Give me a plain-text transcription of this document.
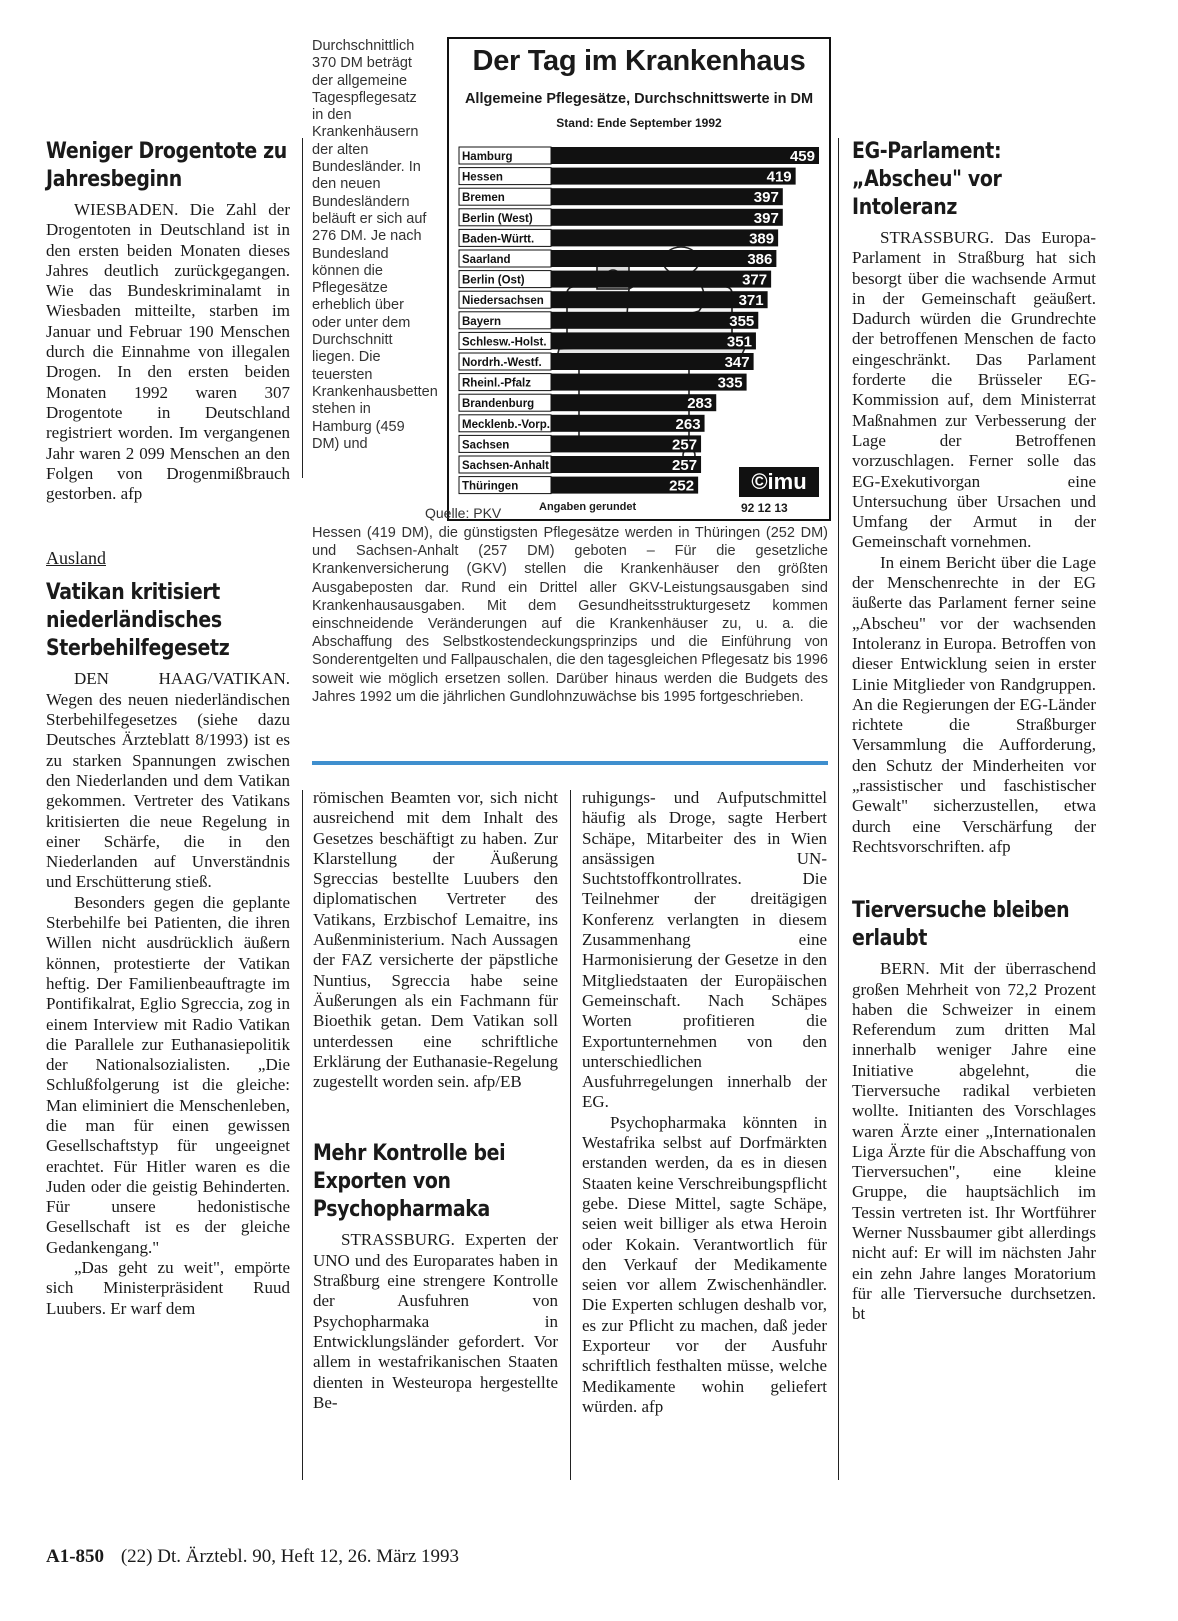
Weniger Drogentote zu Jahresbeginn

WIESBADEN. Die Zahl der Drogentoten in Deutschland ist in den ersten beiden Monaten dieses Jahres deutlich zurückgegangen. Wie das Bundeskriminalamt in Wiesbaden mitteilte, starben im Januar und Februar 190 Menschen durch die Einnahme von illegalen Drogen. In den ersten beiden Monaten 1992 waren 307 Drogentote in Deutschland registriert worden. Im vergangenen Jahr waren 2 099 Menschen an den Folgen von Drogenmißbrauch gestorben. afp

Ausland
Vatikan kritisiert niederländisches Sterbehilfegesetz

DEN HAAG/VATIKAN. Wegen des neuen niederländischen Sterbehilfegesetzes (siehe dazu Deutsches Ärzteblatt 8/1993) ist es zu starken Spannungen zwischen den Niederlanden und dem Vatikan gekommen. Vertreter des Vatikans kritisierten die neue Regelung in einer Schärfe, die in den Niederlanden auf Unverständnis und Erschütterung stieß.

Besonders gegen die geplante Sterbehilfe bei Patienten, die ihren Willen nicht ausdrücklich äußern können, protestierte der Vatikan heftig. Der Familienbeauftragte im Pontifikalrat, Eglio Sgreccia, zog in einem Interview mit Radio Vatikan die Parallele zur Euthanasiepolitik der Nationalsozialisten. „Die Schlußfolgerung ist die gleiche: Man eliminiert die Menschenleben, die man für einen gewissen Gesellschaftstyp für ungeeignet erachtet. Für Hitler waren es die Juden oder die geistig Behinderten. Für unsere hedonistische Gesellschaft ist es der gleiche Gedankengang."

„Das geht zu weit", empörte sich Ministerpräsident Ruud Luubers. Er warf dem

Durchschnittlich 370 DM beträgt der allgemeine Tagespflegesatz in den Krankenhäusern der alten Bundesländer. In den neuen Bundesländern beläuft er sich auf 276 DM. Je nach Bundesland können die Pflegesätze erheblich über oder unter dem Durchschnitt liegen. Die teuersten Krankenhausbetten stehen in Hamburg (459 DM) und
Der Tag im Krankenhaus
Allgemeine Pflegesätze, Durchschnittswerte in DM
Stand: Ende September 1992
Hamburg	459
Hessen	419
Bremen	397
Berlin (West)	397
Baden-Württ.	389
Saarland	386
Berlin (Ost)	377
Niedersachsen	371
Bayern	355
Schlesw.-Holst.	351
Nordrh.-Westf.	347
Rheinl.-Pfalz	335
Brandenburg	283
Mecklenb.-Vorp.	263
Sachsen	257
Sachsen-Anhalt	257
Thüringen	252	©imu
Angaben gerundet	92 12 13
Quelle: PKV
Hessen (419 DM), die günstigsten Pflegesätze werden in Thüringen (252 DM) und Sachsen-Anhalt (257 DM) geboten – Für die gesetzliche Krankenversicherung (GKV) stellen die Krankenhäuser den größten Ausgabeposten dar. Rund ein Drittel aller GKV-Leistungsausgaben sind Krankenhausausgaben. Mit dem Gesundheitsstrukturgesetz kommen einschneidende Veränderungen auf die Krankenhäuser zu, u. a. die Abschaffung des Selbstkostendeckungsprinzips und die Einführung von Sonderentgelten und Fallpauschalen, die den tagesgleichen Pflegesatz bis 1996 soweit wie möglich ersetzen sollen. Darüber hinaus werden die Budgets des Jahres 1992 um die jährlichen Gundlohnzuwächse bis 1995 fortgeschrieben.

römischen Beamten vor, sich nicht ausreichend mit dem Inhalt des Gesetzes beschäftigt zu haben. Zur Klarstellung der Äußerung Sgreccias bestellte Luubers den diplomatischen Vertreter des Vatikans, Erzbischof Lemaitre, ins Außenministerium. Nach Aussagen der FAZ versicherte der päpstliche Nuntius, Sgreccia habe seine Äußerungen als ein Fachmann für Bioethik getan. Dem Vatikan soll unterdessen eine schriftliche Erklärung der Euthanasie-Regelung zugestellt worden sein. afp/EB

Mehr Kontrolle bei Exporten von Psychopharmaka

STRASSBURG. Experten der UNO und des Europarates haben in Straßburg eine strengere Kontrolle der Ausfuhren von Psychopharmaka in Entwicklungsländer gefordert. Vor allem in westafrikanischen Staaten dienten in Westeuropa hergestellte Be-

ruhigungs- und Aufputschmittel häufig als Droge, sagte Herbert Schäpe, Mitarbeiter des in Wien ansässigen UN-Suchtstoffkontrollrates. Die Teilnehmer der dreitägigen Konferenz verlangten in diesem Zusammenhang eine Harmonisierung der Gesetze in den Mitgliedstaaten der Europäischen Gemeinschaft. Nach Schäpes Worten profitieren die Exportunternehmen von den unterschiedlichen Ausfuhrregelungen innerhalb der EG.

Psychopharmaka könnten in Westafrika selbst auf Dorfmärkten erstanden werden, da es in diesen Staaten keine Verschreibungspflicht gebe. Diese Mittel, sagte Schäpe, seien weit billiger als etwa Heroin oder Kokain. Verantwortlich für den Verkauf der Medikamente seien vor allem Zwischenhändler. Die Experten schlugen deshalb vor, es zur Pflicht zu machen, daß jeder Exporteur vor der Ausfuhr schriftlich festhalten müsse, welche Medikamente wohin geliefert würden. afp

EG-Parlament: „Abscheu" vor Intoleranz

STRASSBURG. Das Europa-Parlament in Straßburg hat sich besorgt über die wachsende Armut in der Gemeinschaft geäußert. Dadurch würden die Grundrechte der betroffenen Menschen de facto eingeschränkt. Das Parlament forderte die Brüsseler EG-Kommission auf, dem Ministerrat Maßnahmen zur Verbesserung der Lage der Betroffenen vorzuschlagen. Ferner solle das EG-Exekutivorgan eine Untersuchung über Ursachen und Umfang der Armut in der Gemeinschaft vornehmen.

In einem Bericht über die Lage der Menschenrechte in der EG äußerte das Parlament ferner seine „Abscheu" vor der wachsenden Intoleranz in Europa. Betroffen von dieser Entwicklung seien in erster Linie Mitglieder von Randgruppen. An die Regierungen der EG-Länder richtete die Straßburger Versammlung die Aufforderung, den Schutz der Minderheiten vor „rassistischer und faschistischer Gewalt" sicherzustellen, etwa durch eine Verschärfung der Rechtsvorschriften. afp

Tierversuche bleiben erlaubt

BERN. Mit der überraschend großen Mehrheit von 72,2 Prozent haben die Schweizer in einem Referendum zum dritten Mal innerhalb weniger Jahre eine Initiative abgelehnt, die Tierversuche radikal verbieten wollte. Initianten des Vorschlages waren Ärzte einer „Internationalen Liga Ärzte für die Abschaffung von Tierversuchen", eine kleine Gruppe, die hauptsächlich im Tessin vertreten ist. Ihr Wortführer Werner Nussbaumer gibt allerdings nicht auf: Er will im nächsten Jahr ein zehn Jahre langes Moratorium für alle Tierversuche durchsetzen. bt

A1-850 (22) Dt. Ärztebl. 90, Heft 12, 26. März 1993
